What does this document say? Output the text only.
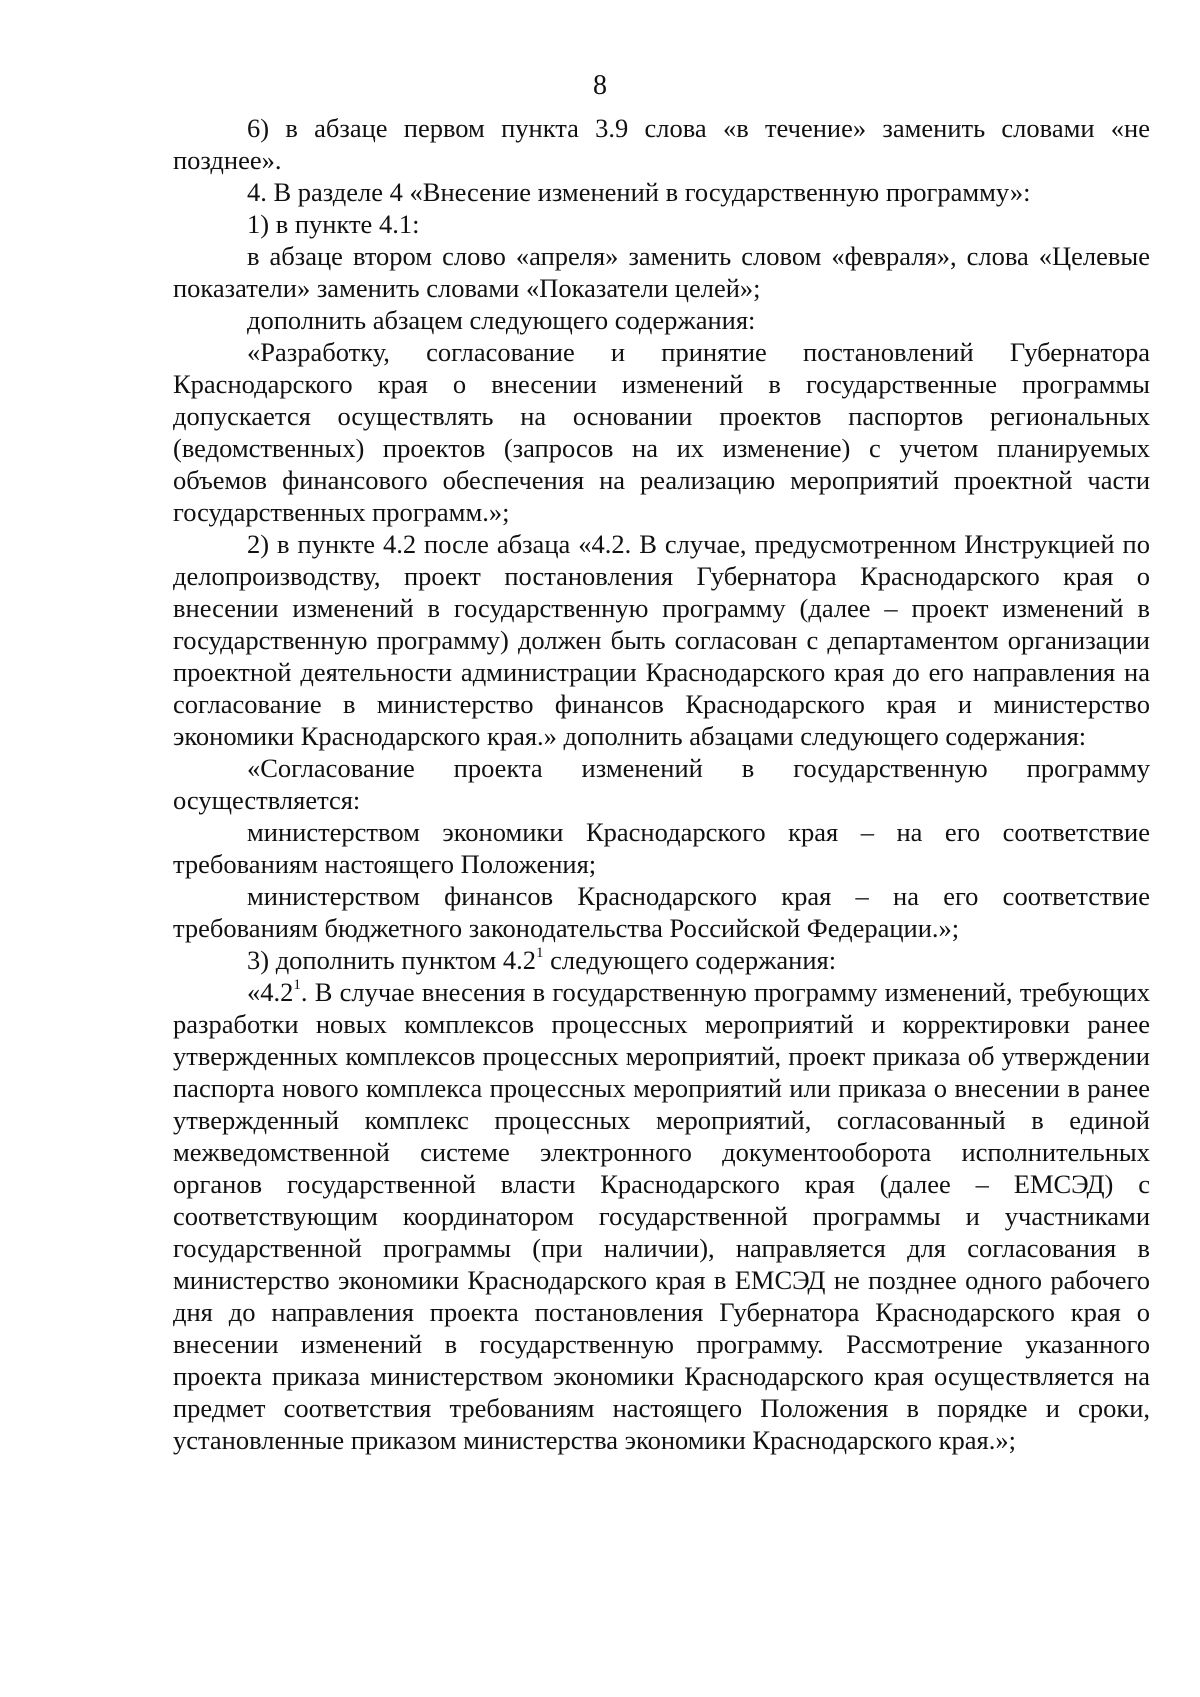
8

6) в абзаце первом пункта 3.9 слова «в течение» заменить словами «не позднее».

4. В разделе 4 «Внесение изменений в государственную программу»:

1) в пункте 4.1:

в абзаце втором слово «апреля» заменить словом «февраля», слова «Целевые показатели» заменить словами «Показатели целей»;

дополнить абзацем следующего содержания:

«Разработку, согласование и принятие постановлений Губернатора Краснодарского края о внесении изменений в государственные программы допускается осуществлять на основании проектов паспортов региональных (ведомственных) проектов (запросов на их изменение) с учетом планируемых объемов финансового обеспечения на реализацию мероприятий проектной части государственных программ.»;

2) в пункте 4.2 после абзаца «4.2. В случае, предусмотренном Инструкцией по делопроизводству, проект постановления Губернатора Краснодарского края о внесении изменений в государственную программу (далее – проект изменений в государственную программу) должен быть согласован с департаментом организации проектной деятельности администрации Краснодарского края до его направления на согласование в министерство финансов Краснодарского края и министерство экономики Краснодарского края.» дополнить абзацами следующего содержания:

«Согласование проекта изменений в государственную программу осуществляется:

министерством экономики Краснодарского края – на его соответствие требованиям настоящего Положения;

министерством финансов Краснодарского края – на его соответствие требованиям бюджетного законодательства Российской Федерации.»;

3) дополнить пунктом $4.2^1$ следующего содержания:

«$4.2^1$. В случае внесения в государственную программу изменений, требующих разработки новых комплексов процессных мероприятий и корректировки ранее утвержденных комплексов процессных мероприятий, проект приказа об утверждении паспорта нового комплекса процессных мероприятий или приказа о внесении в ранее утвержденный комплекс процессных мероприятий, согласованный в единой межведомственной системе электронного документооборота исполнительных органов государственной власти Краснодарского края (далее – ЕМСЭД) с соответствующим координатором государственной программы и участниками государственной программы (при наличии), направляется для согласования в министерство экономики Краснодарского края в ЕМСЭД не позднее одного рабочего дня до направления проекта постановления Губернатора Краснодарского края о внесении изменений в государственную программу. Рассмотрение указанного проекта приказа министерством экономики Краснодарского края осуществляется на предмет соответствия требованиям настоящего Положения в порядке и сроки, установленные приказом министерства экономики Краснодарского края.»;
